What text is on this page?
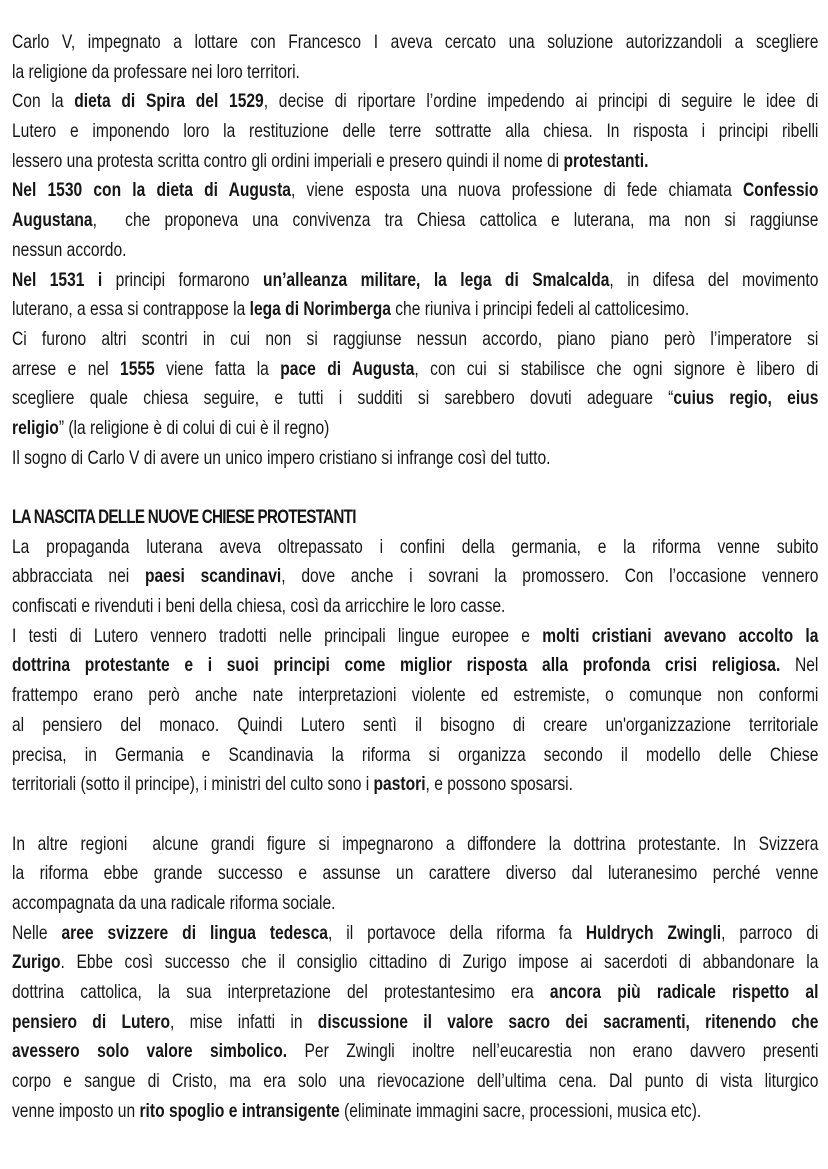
Carlo V, impegnato a lottare con Francesco I aveva cercato una soluzione autorizzandoli a scegliere
la religione da professare nei loro territori.
Con la dieta di Spira del 1529, decise di riportare l’ordine impedendo ai principi di seguire le idee di
Lutero e imponendo loro la restituzione delle terre sottratte alla chiesa. In risposta i principi ribelli
lessero una protesta scritta contro gli ordini imperiali e presero quindi il nome di protestanti.
Nel 1530 con la dieta di Augusta, viene esposta una nuova professione di fede chiamata Confessio
Augustana,  che proponeva una convivenza tra Chiesa cattolica e luterana, ma non si raggiunse
nessun accordo.
Nel 1531 i principi formarono un’alleanza militare, la lega di Smalcalda, in difesa del movimento
luterano, a essa si contrappose la lega di Norimberga che riuniva i principi fedeli al cattolicesimo.
Ci furono altri scontri in cui non si raggiunse nessun accordo, piano piano però l’imperatore si
arrese e nel 1555 viene fatta la pace di Augusta, con cui si stabilisce che ogni signore è libero di
scegliere quale chiesa seguire, e tutti i sudditi si sarebbero dovuti adeguare “cuius regio, eius
religio” (la religione è di colui di cui è il regno)
Il sogno di Carlo V di avere un unico impero cristiano si infrange così del tutto.
LA NASCITA DELLE NUOVE CHIESE PROTESTANTI
La propaganda luterana aveva oltrepassato i confini della germania, e la riforma venne subito
abbracciata nei paesi scandinavi, dove anche i sovrani la promossero. Con l’occasione vennero
confiscati e rivenduti i beni della chiesa, così da arricchire le loro casse.
I testi di Lutero vennero tradotti nelle principali lingue europee e molti cristiani avevano accolto la
dottrina protestante e i suoi principi come miglior risposta alla profonda crisi religiosa. Nel
frattempo erano però anche nate interpretazioni violente ed estremiste, o comunque non conformi
al pensiero del monaco. Quindi Lutero sentì il bisogno di creare un'organizzazione territoriale
precisa, in Germania e Scandinavia la riforma si organizza secondo il modello delle Chiese
territoriali (sotto il principe), i ministri del culto sono i pastori, e possono sposarsi.
In altre regioni  alcune grandi figure si impegnarono a diffondere la dottrina protestante. In Svizzera
la riforma ebbe grande successo e assunse un carattere diverso dal luteranesimo perché venne
accompagnata da una radicale riforma sociale.
Nelle aree svizzere di lingua tedesca, il portavoce della riforma fa Huldrych Zwingli, parroco di
Zurigo. Ebbe così successo che il consiglio cittadino di Zurigo impose ai sacerdoti di abbandonare la
dottrina cattolica, la sua interpretazione del protestantesimo era ancora più radicale rispetto al
pensiero di Lutero, mise infatti in discussione il valore sacro dei sacramenti, ritenendo che
avessero solo valore simbolico. Per Zwingli inoltre nell’eucarestia non erano davvero presenti
corpo e sangue di Cristo, ma era solo una rievocazione dell’ultima cena. Dal punto di vista liturgico
venne imposto un rito spoglio e intransigente (eliminate immagini sacre, processioni, musica etc).
